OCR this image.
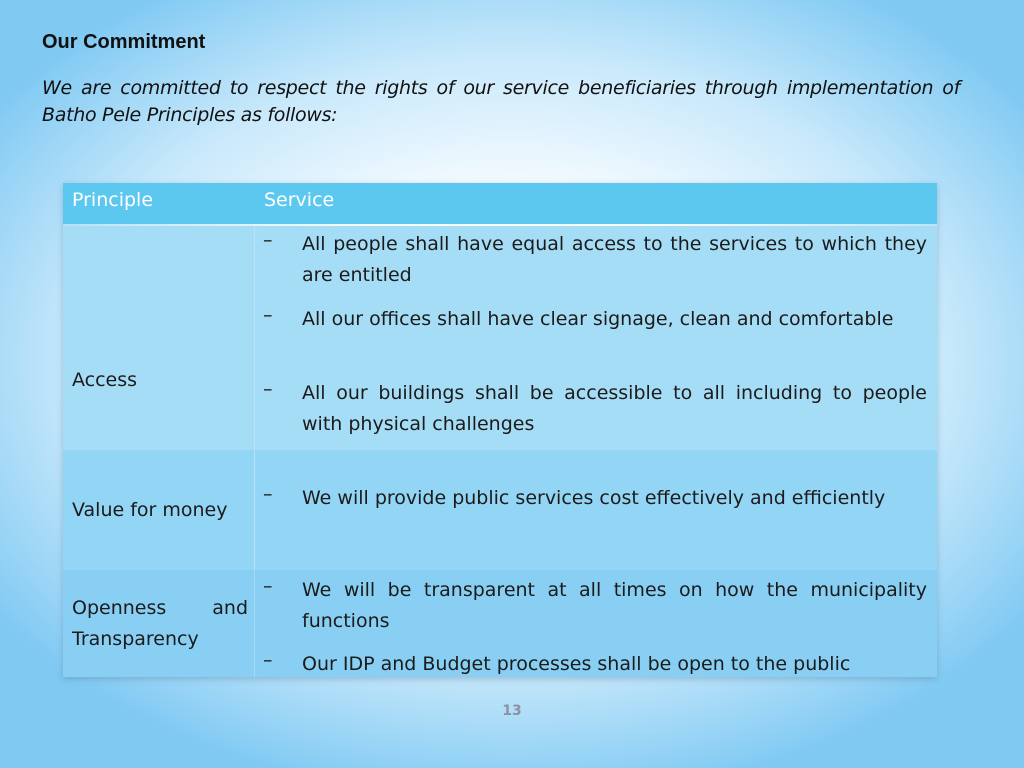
Our Commitment

We are committed to respect the rights of our service beneficiaries through implementation of Batho Pele Principles as follows:

Principle	Service
Access
– All people shall have equal access to the services to which they are entitled
– All our offices shall have clear signage, clean and comfortable
– All our buildings shall be accessible to all including to people with physical challenges
Value for money
– We will provide public services cost effectively and efficiently
Openness and Transparency
– We will be transparent at all times on how the municipality functions
– Our IDP and Budget processes shall be open to the public
13
